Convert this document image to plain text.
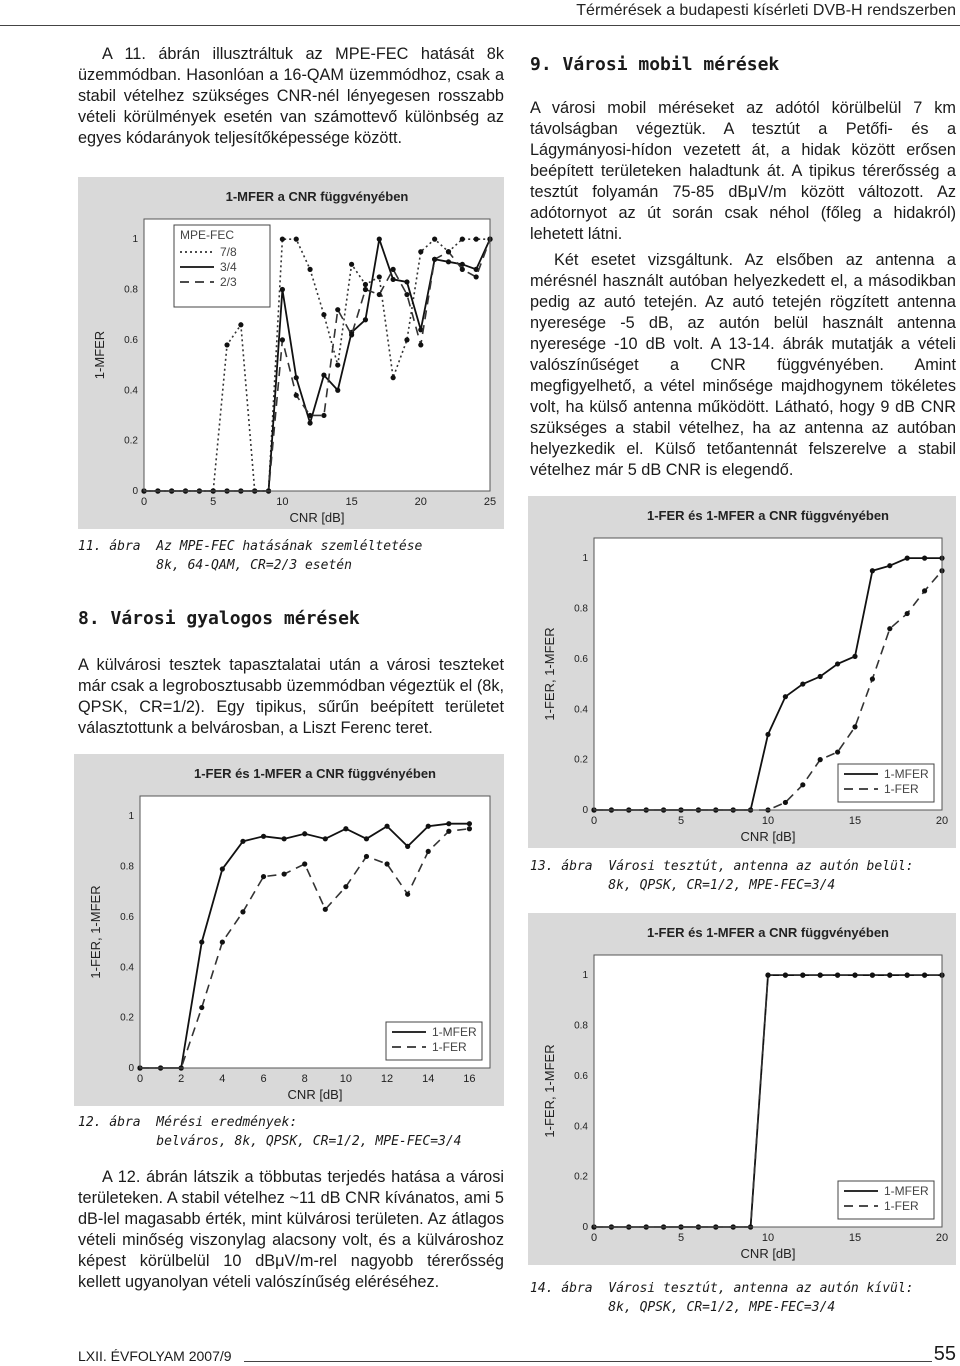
Térmérések a budapesti kísérleti DVB-H rendszerben

A 11. ábrán illusztráltuk az MPE-FEC hatását 8k üzemmódban. Hasonlóan a 16-QAM üzemmódhoz, csak a stabil vételhez szükséges CNR-nél lényegesen rosszabb vételi körülmények esetén van számottevő különbség az egyes kódarányok teljesítőképessége között.

1-MFER a CNR függvényében
0
0.2
0.4
0.6
0.8
1
0	5	10	15	20	25
CNR [dB]
1-MFER
MPE-FEC
7/8
3/4
2/3

11. ábra  Az MPE-FEC hatásának szemléltetése
8k, 64-QAM, CR=2/3 esetén

8. Városi gyalogos mérések

A külvárosi tesztek tapasztalatai után a városi teszteket már csak a legrobosztusabb üzemmódban végeztük el (8k, QPSK, CR=1/2). Egy tipikus, sűrűn beépített területet választottunk a belvárosban, a Liszt Ferenc teret.

1-FER és 1-MFER a CNR függvényében
0
0.2
0.4
0.6
0.8
1
0	2	4	6	8	10	12	14	16
CNR [dB]
1-FER, 1-MFER
1-MFER
1-FER

12. ábra  Mérési eredmények:
belváros, 8k, QPSK, CR=1/2, MPE-FEC=3/4

A 12. ábrán látszik a többutas terjedés hatása a városi területeken. A stabil vételhez ~11 dB CNR kívánatos, ami 5 dB-lel magasabb érték, mint külvárosi területen. Az átlagos vételi minőség viszonylag alacsony volt, és a külvároshoz képest körülbelül 10 dBμV/m-rel nagyobb térerősség kellett ugyanolyan vételi valószínűség eléréséhez.

9. Városi mobil mérések

A városi mobil méréseket az adótól körülbelül 7 km távolságban végeztük. A tesztút a Petőfi- és a Lágymányosi-hídon vezetett át, a hidak között erősen beépített területeken haladtunk át. A tipikus térerősség a tesztút folyamán 75-85 dBμV/m között változott. Az adótornyot az út során csak néhol (főleg a hidakról) lehetett látni.

Két esetet vizsgáltunk. Az elsőben az antenna a mérésnél használt autóban helyezkedett el, a másodikban pedig az autó tetején. Az autó tetején rögzített antenna nyeresége -5 dB, az autón belül használt antenna nyeresége -10 dB volt. A 13-14. ábrák mutatják a vételi valószínűséget a CNR függvényében. Amint megfigyelhető, a vétel minősége majdhogynem tökéletes volt, ha külső antenna működött. Látható, hogy 9 dB CNR szükséges a stabil vételhez, ha az antenna az autóban helyezkedik el. Külső tetőantennát felszerelve a stabil vételhez már 5 dB CNR is elegendő.

1-FER és 1-MFER a CNR függvényében
0
0.2
0.4
0.6
0.8
1
0	5	10	15	20
CNR [dB]
1-FER, 1-MFER
1-MFER
1-FER

13. ábra  Városi tesztút, antenna az autón belül:
8k, QPSK, CR=1/2, MPE-FEC=3/4

1-FER és 1-MFER a CNR függvényében
0
0.2
0.4
0.6
0.8
1
0	5	10	15	20
CNR [dB]
1-FER, 1-MFER
1-MFER
1-FER

14. ábra  Városi tesztút, antenna az autón kívül:
8k, QPSK, CR=1/2, MPE-FEC=3/4

LXII. ÉVFOLYAM 2007/9	55
